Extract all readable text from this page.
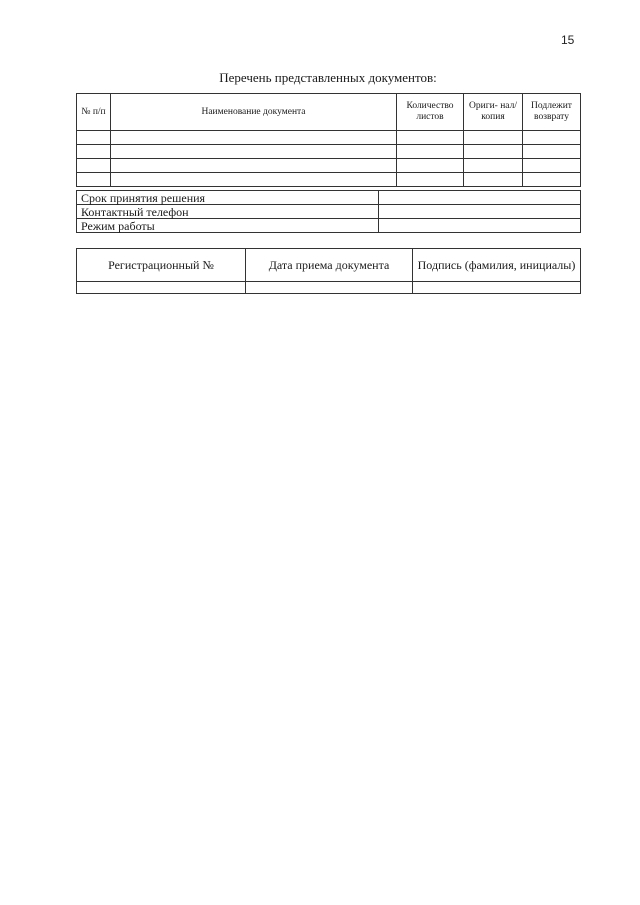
15
Перечень представленных документов:
№ п/п	Наименование документа	Количество листов	Ориги- нал/копия	Подлежит возврату

Срок принятия решения	
Контактный телефон	
Режим работы	
Регистрационный №	Дата приема документа	Подпись (фамилия, инициалы)
